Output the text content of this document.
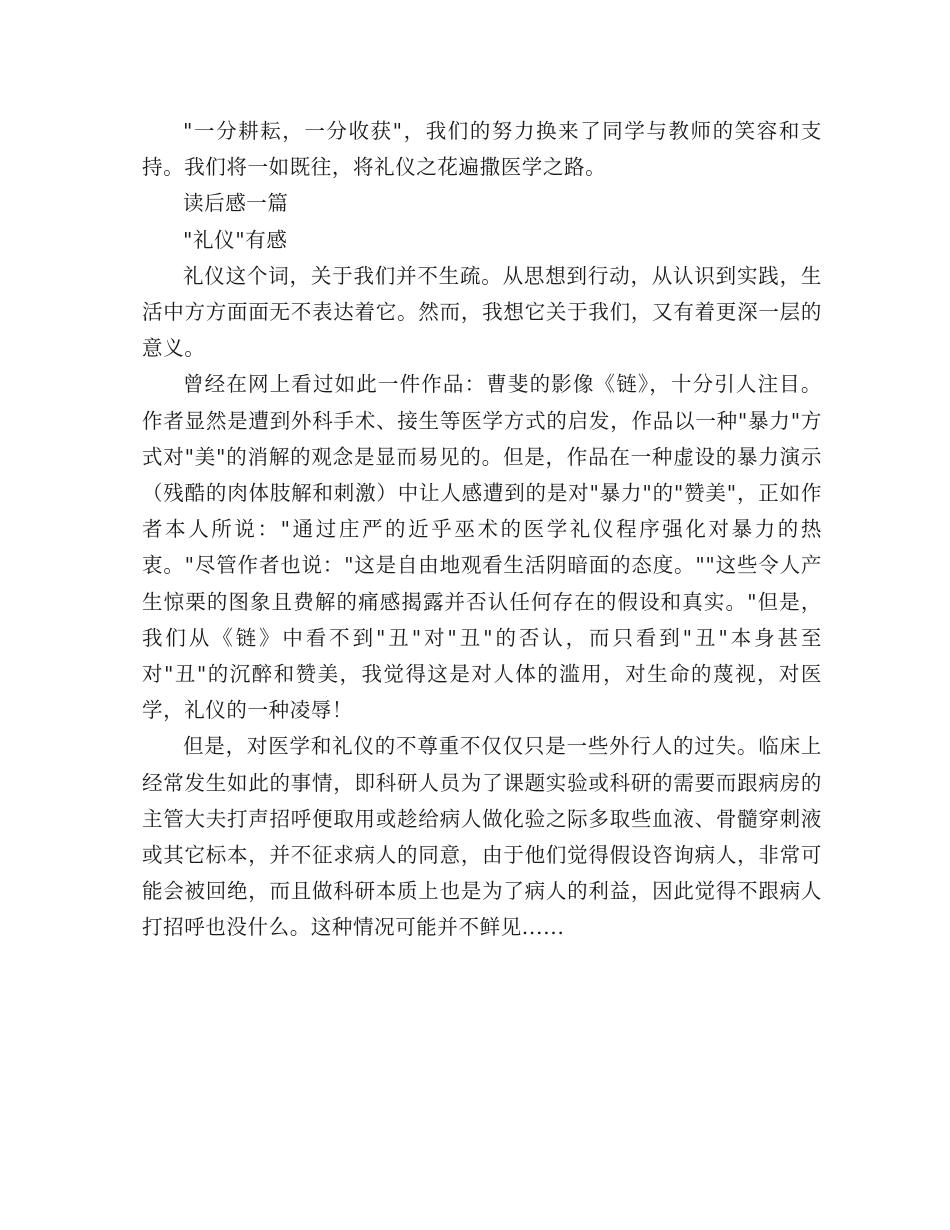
"一分耕耘，一分收获"，我们的努力换来了同学与教师的笑容和支持。我们将一如既往，将礼仪之花遍撒医学之路。

读后感一篇

"礼仪"有感

礼仪这个词，关于我们并不生疏。从思想到行动，从认识到实践，生活中方方面面无不表达着它。然而，我想它关于我们，又有着更深一层的意义。

曾经在网上看过如此一件作品：曹斐的影像《链》，十分引人注目。作者显然是遭到外科手术、接生等医学方式的启发，作品以一种"暴力"方式对"美"的消解的观念是显而易见的。但是，作品在一种虚设的暴力演示（残酷的肉体肢解和刺激）中让人感遭到的是对"暴力"的"赞美"，正如作者本人所说："通过庄严的近乎巫术的医学礼仪程序强化对暴力的热衷。"尽管作者也说："这是自由地观看生活阴暗面的态度。""这些令人产生惊栗的图象且费解的痛感揭露并否认任何存在的假设和真实。"但是，我们从《链》中看不到"丑"对"丑"的否认，而只看到"丑"本身甚至对"丑"的沉醉和赞美，我觉得这是对人体的滥用，对生命的蔑视，对医学，礼仪的一种凌辱！

但是，对医学和礼仪的不尊重不仅仅只是一些外行人的过失。临床上经常发生如此的事情，即科研人员为了课题实验或科研的需要而跟病房的主管大夫打声招呼便取用或趁给病人做化验之际多取些血液、骨髓穿刺液或其它标本，并不征求病人的同意，由于他们觉得假设咨询病人，非常可能会被回绝，而且做科研本质上也是为了病人的利益，因此觉得不跟病人打招呼也没什么。这种情况可能并不鲜见......
